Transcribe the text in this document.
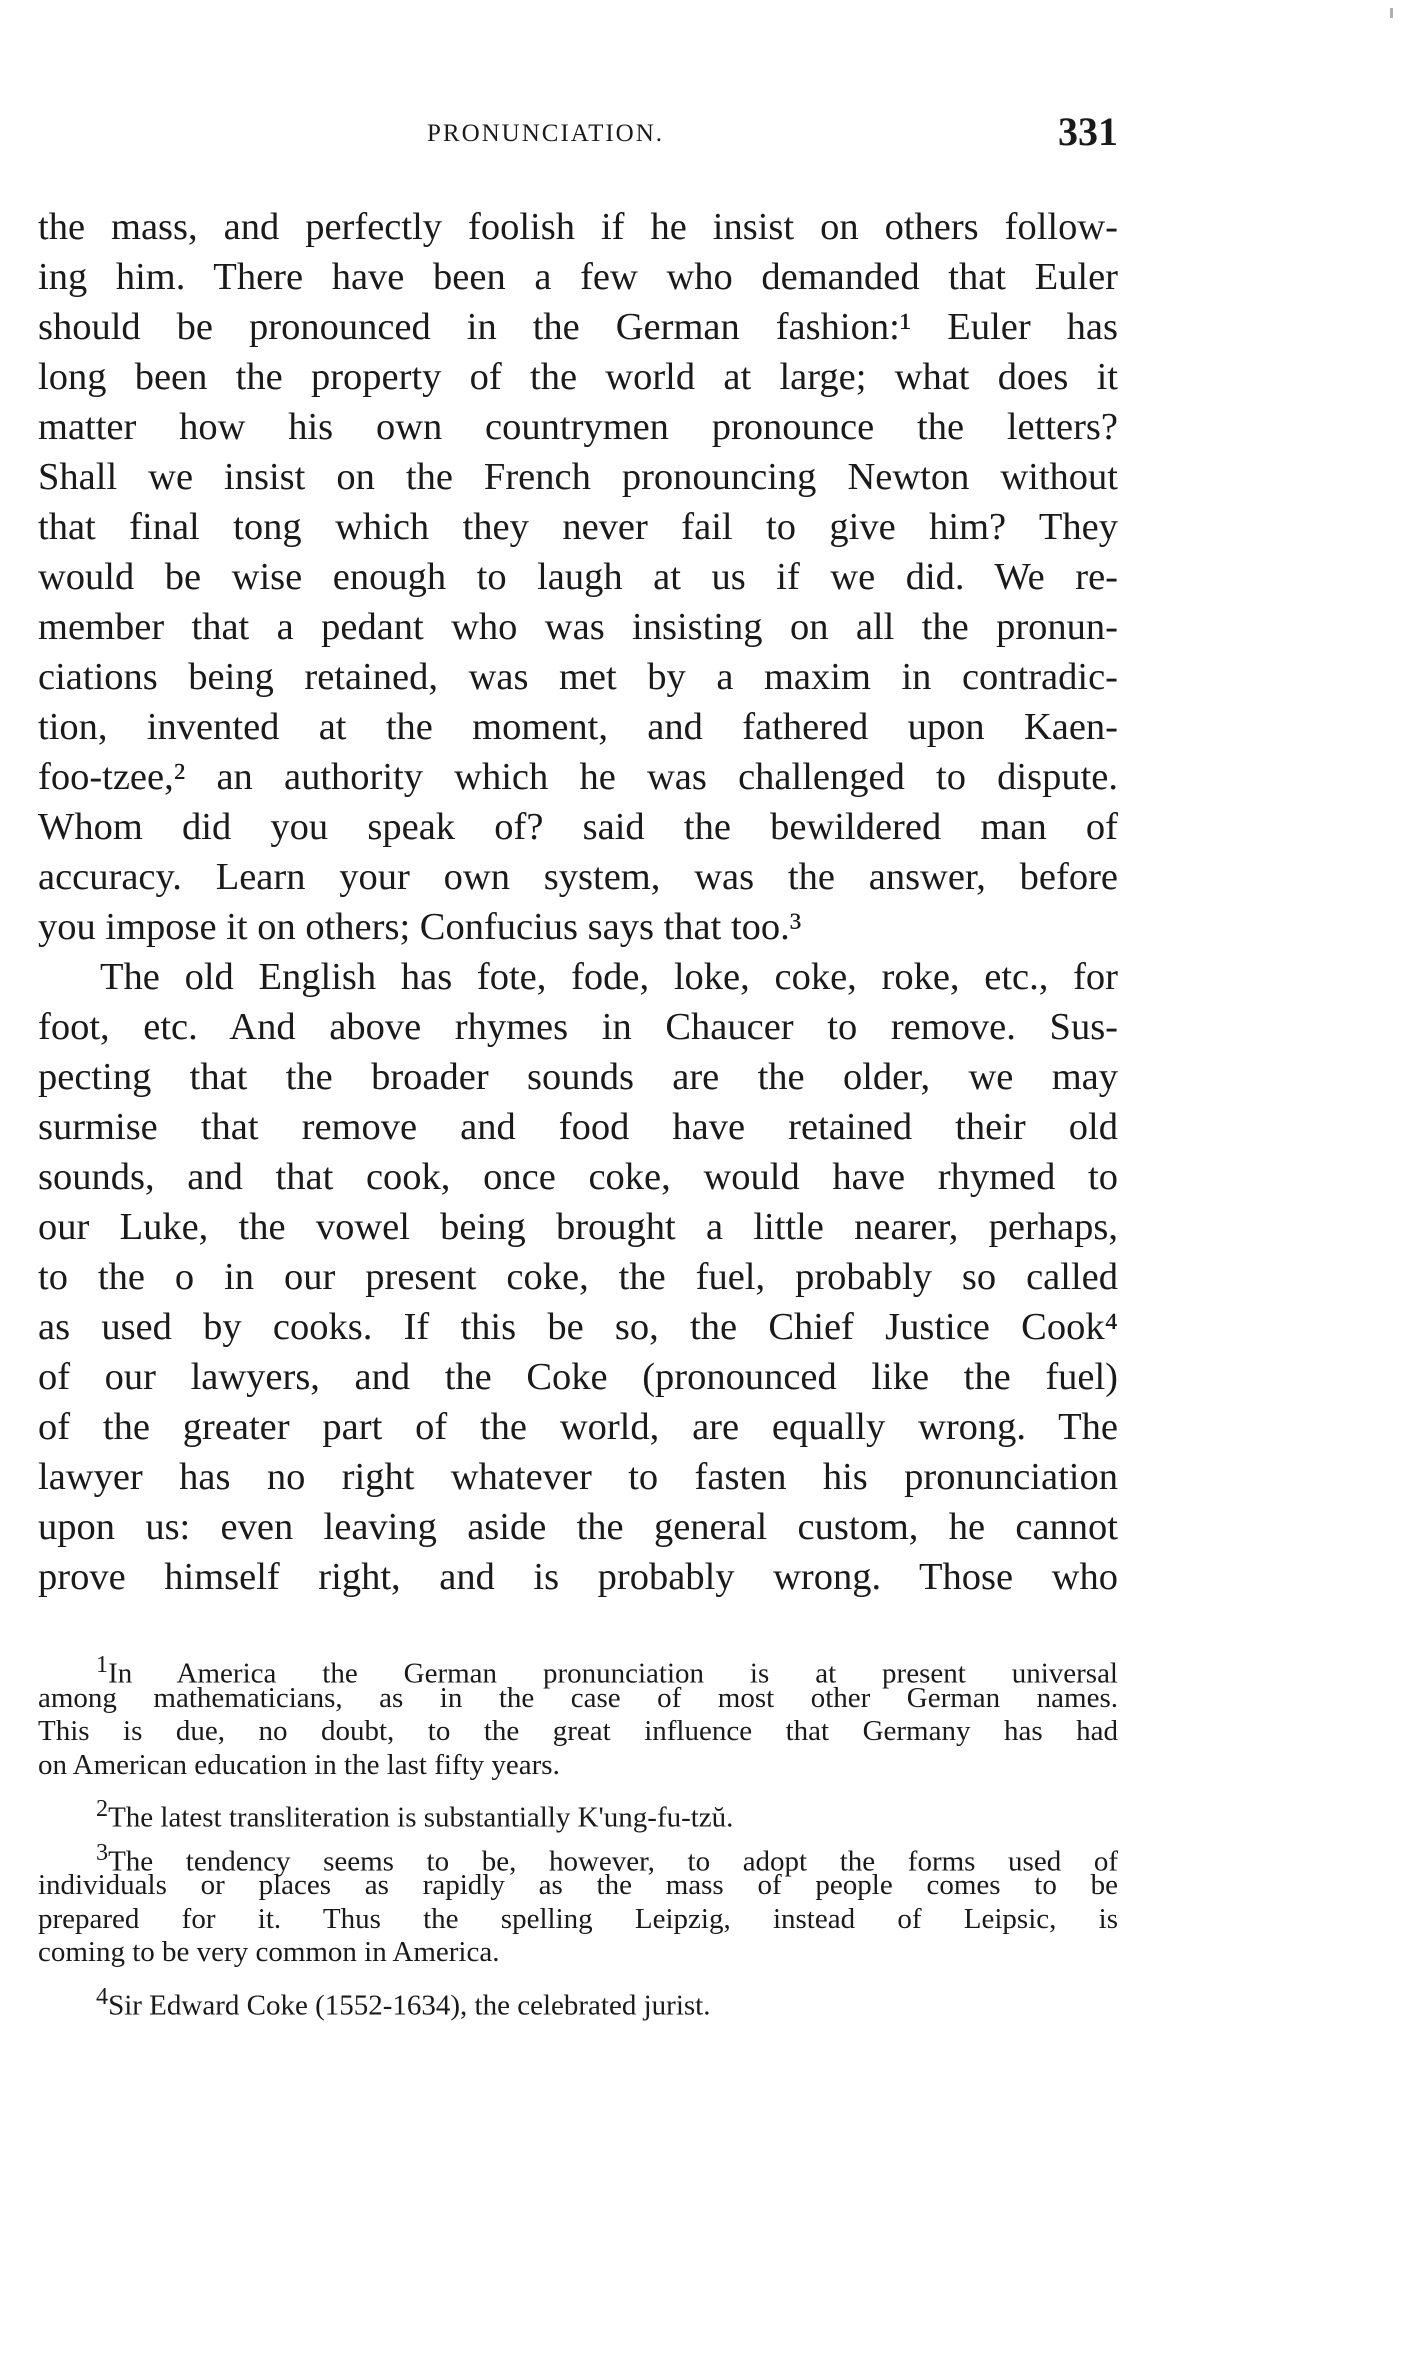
PRONUNCIATION.	331
the mass, and perfectly foolish if he insist on others follow-
ing him. There have been a few who demanded that Euler
should be pronounced in the German fashion:¹ Euler has
long been the property of the world at large; what does it
matter how his own countrymen pronounce the letters?
Shall we insist on the French pronouncing Newton without
that final tong which they never fail to give him? They
would be wise enough to laugh at us if we did. We re-
member that a pedant who was insisting on all the pronun-
ciations being retained, was met by a maxim in contradic-
tion, invented at the moment, and fathered upon Kaen-
foo-tzee,² an authority which he was challenged to dispute.
Whom did you speak of? said the bewildered man of
accuracy. Learn your own system, was the answer, before
you impose it on others; Confucius says that too.³
The old English has fote, fode, loke, coke, roke, etc., for
foot, etc. And above rhymes in Chaucer to remove. Sus-
pecting that the broader sounds are the older, we may
surmise that remove and food have retained their old
sounds, and that cook, once coke, would have rhymed to
our Luke, the vowel being brought a little nearer, perhaps,
to the o in our present coke, the fuel, probably so called
as used by cooks. If this be so, the Chief Justice Cook⁴
of our lawyers, and the Coke (pronounced like the fuel)
of the greater part of the world, are equally wrong. The
lawyer has no right whatever to fasten his pronunciation
upon us: even leaving aside the general custom, he cannot
prove himself right, and is probably wrong. Those who
$^1$In America the German pronunciation is at present universal
among mathematicians, as in the case of most other German names.
This is due, no doubt, to the great influence that Germany has had
on American education in the last fifty years.
$^2$The latest transliteration is substantially K'ung-fu-tzŭ.
$^3$The tendency seems to be, however, to adopt the forms used of
individuals or places as rapidly as the mass of people comes to be
prepared for it. Thus the spelling Leipzig, instead of Leipsic, is
coming to be very common in America.
$^4$Sir Edward Coke (1552-1634), the celebrated jurist.
